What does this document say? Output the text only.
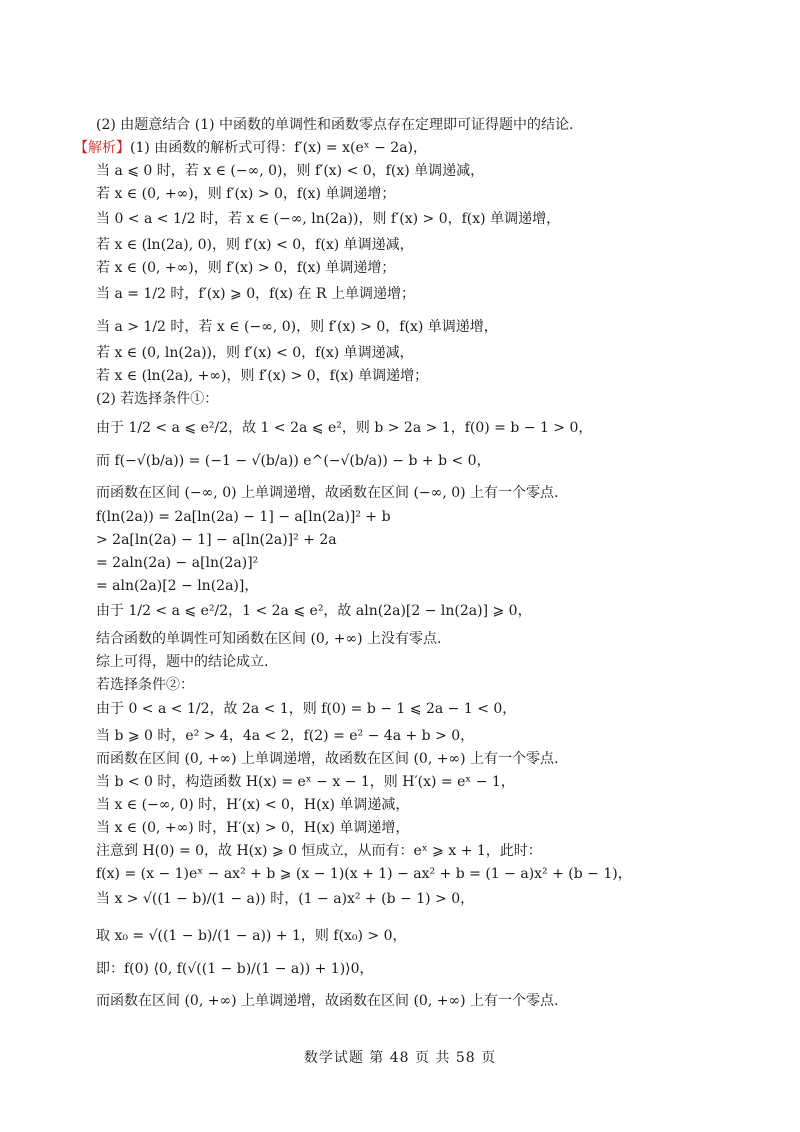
(2) 由题意结合 (1) 中函数的单调性和函数零点存在定理即可证得题中的结论.
【解析】(1) 由函数的解析式可得：f′(x) = x(eˣ − 2a)，
当 a ⩽ 0 时，若 x ∈ (−∞, 0)，则 f′(x) < 0，f(x) 单调递减，
若 x ∈ (0, +∞)，则 f′(x) > 0，f(x) 单调递增；
当 0 < a < 1/2 时，若 x ∈ (−∞, ln(2a))，则 f′(x) > 0，f(x) 单调递增，
若 x ∈ (ln(2a), 0)，则 f′(x) < 0，f(x) 单调递减，
若 x ∈ (0, +∞)，则 f′(x) > 0，f(x) 单调递增；
当 a = 1/2 时，f′(x) ⩾ 0，f(x) 在 R 上单调递增；
当 a > 1/2 时，若 x ∈ (−∞, 0)，则 f′(x) > 0，f(x) 单调递增，
若 x ∈ (0, ln(2a))，则 f′(x) < 0，f(x) 单调递减，
若 x ∈ (ln(2a), +∞)，则 f′(x) > 0，f(x) 单调递增；
(2) 若选择条件①：
由于 1/2 < a ⩽ e²/2，故 1 < 2a ⩽ e²，则 b > 2a > 1，f(0) = b − 1 > 0，
而 f(−√(b/a)) = (−1 − √(b/a)) e^(−√(b/a)) − b + b < 0，
而函数在区间 (−∞, 0) 上单调递增，故函数在区间 (−∞, 0) 上有一个零点.
f(ln(2a)) = 2a[ln(2a) − 1] − a[ln(2a)]² + b
> 2a[ln(2a) − 1] − a[ln(2a)]² + 2a
= 2aln(2a) − a[ln(2a)]²
= aln(2a)[2 − ln(2a)]，
由于 1/2 < a ⩽ e²/2，1 < 2a ⩽ e²，故 aln(2a)[2 − ln(2a)] ⩾ 0，
结合函数的单调性可知函数在区间 (0, +∞) 上没有零点.
综上可得，题中的结论成立.
若选择条件②：
由于 0 < a < 1/2，故 2a < 1，则 f(0) = b − 1 ⩽ 2a − 1 < 0，
当 b ⩾ 0 时，e² > 4，4a < 2，f(2) = e² − 4a + b > 0，
而函数在区间 (0, +∞) 上单调递增，故函数在区间 (0, +∞) 上有一个零点.
当 b < 0 时，构造函数 H(x) = eˣ − x − 1，则 H′(x) = eˣ − 1，
当 x ∈ (−∞, 0) 时，H′(x) < 0，H(x) 单调递减，
当 x ∈ (0, +∞) 时，H′(x) > 0，H(x) 单调递增，
注意到 H(0) = 0，故 H(x) ⩾ 0 恒成立，从而有：eˣ ⩾ x + 1，此时：
f(x) = (x − 1)eˣ − ax² + b ⩾ (x − 1)(x + 1) − ax² + b = (1 − a)x² + (b − 1)，
当 x > √((1 − b)/(1 − a)) 时，(1 − a)x² + (b − 1) > 0，
取 x₀ = √((1 − b)/(1 − a)) + 1，则 f(x₀) > 0，
即：f(0) ⟨0, f(√((1 − b)/(1 − a)) + 1)⟩0，
而函数在区间 (0, +∞) 上单调递增，故函数在区间 (0, +∞) 上有一个零点.
数学试题 第 48 页 共 58 页
